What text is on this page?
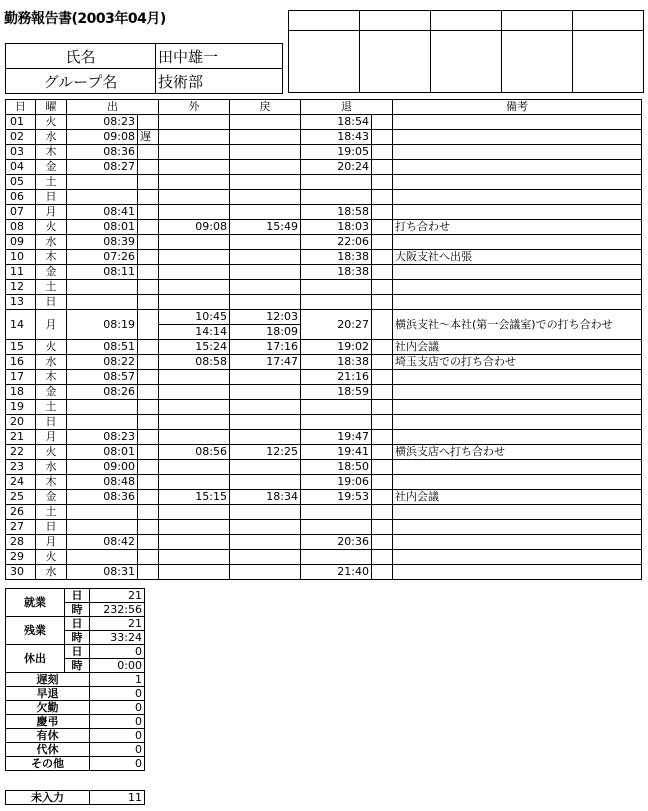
勤務報告書(2003年04月)

氏名	田中雄一
グループ名	技術部
日	曜	出		外	戻	退		備考
01	火	08:23				18:54		
02	水	09:08	遅			18:43		
03	木	08:36				19:05		
04	金	08:27				20:24		
05	土							
06	日							
07	月	08:41				18:58		
08	火	08:01		09:08	15:49	18:03		打ち合わせ
09	水	08:39				22:06		
10	木	07:26				18:38		大阪支社へ出張
11	金	08:11				18:38		
12	土							
13	日							
14	月	08:19		10:45	12:03	20:27		横浜支社～本社(第一会議室)での打ち合わせ
				14:14	18:09			
15	火	08:51		15:24	17:16	19:02		社内会議
16	水	08:22		08:58	17:47	18:38		埼玉支店での打ち合わせ
17	木	08:57				21:16		
18	金	08:26				18:59		
19	土							
20	日							
21	月	08:23				19:47		
22	火	08:01		08:56	12:25	19:41		横浜支店へ打ち合わせ
23	水	09:00				18:50		
24	木	08:48				19:06		
25	金	08:36		15:15	18:34	19:53		社内会議
26	土							
27	日							
28	月	08:42				20:36		
29	火							
30	水	08:31				21:40		
就業	日	21
	時	232:56
残業	日	21
	時	33:24
休出	日	0
	時	0:00
遅刻		1
早退		0
欠勤		0
慶弔		0
有休		0
代休		0
その他		0
未入力	11
